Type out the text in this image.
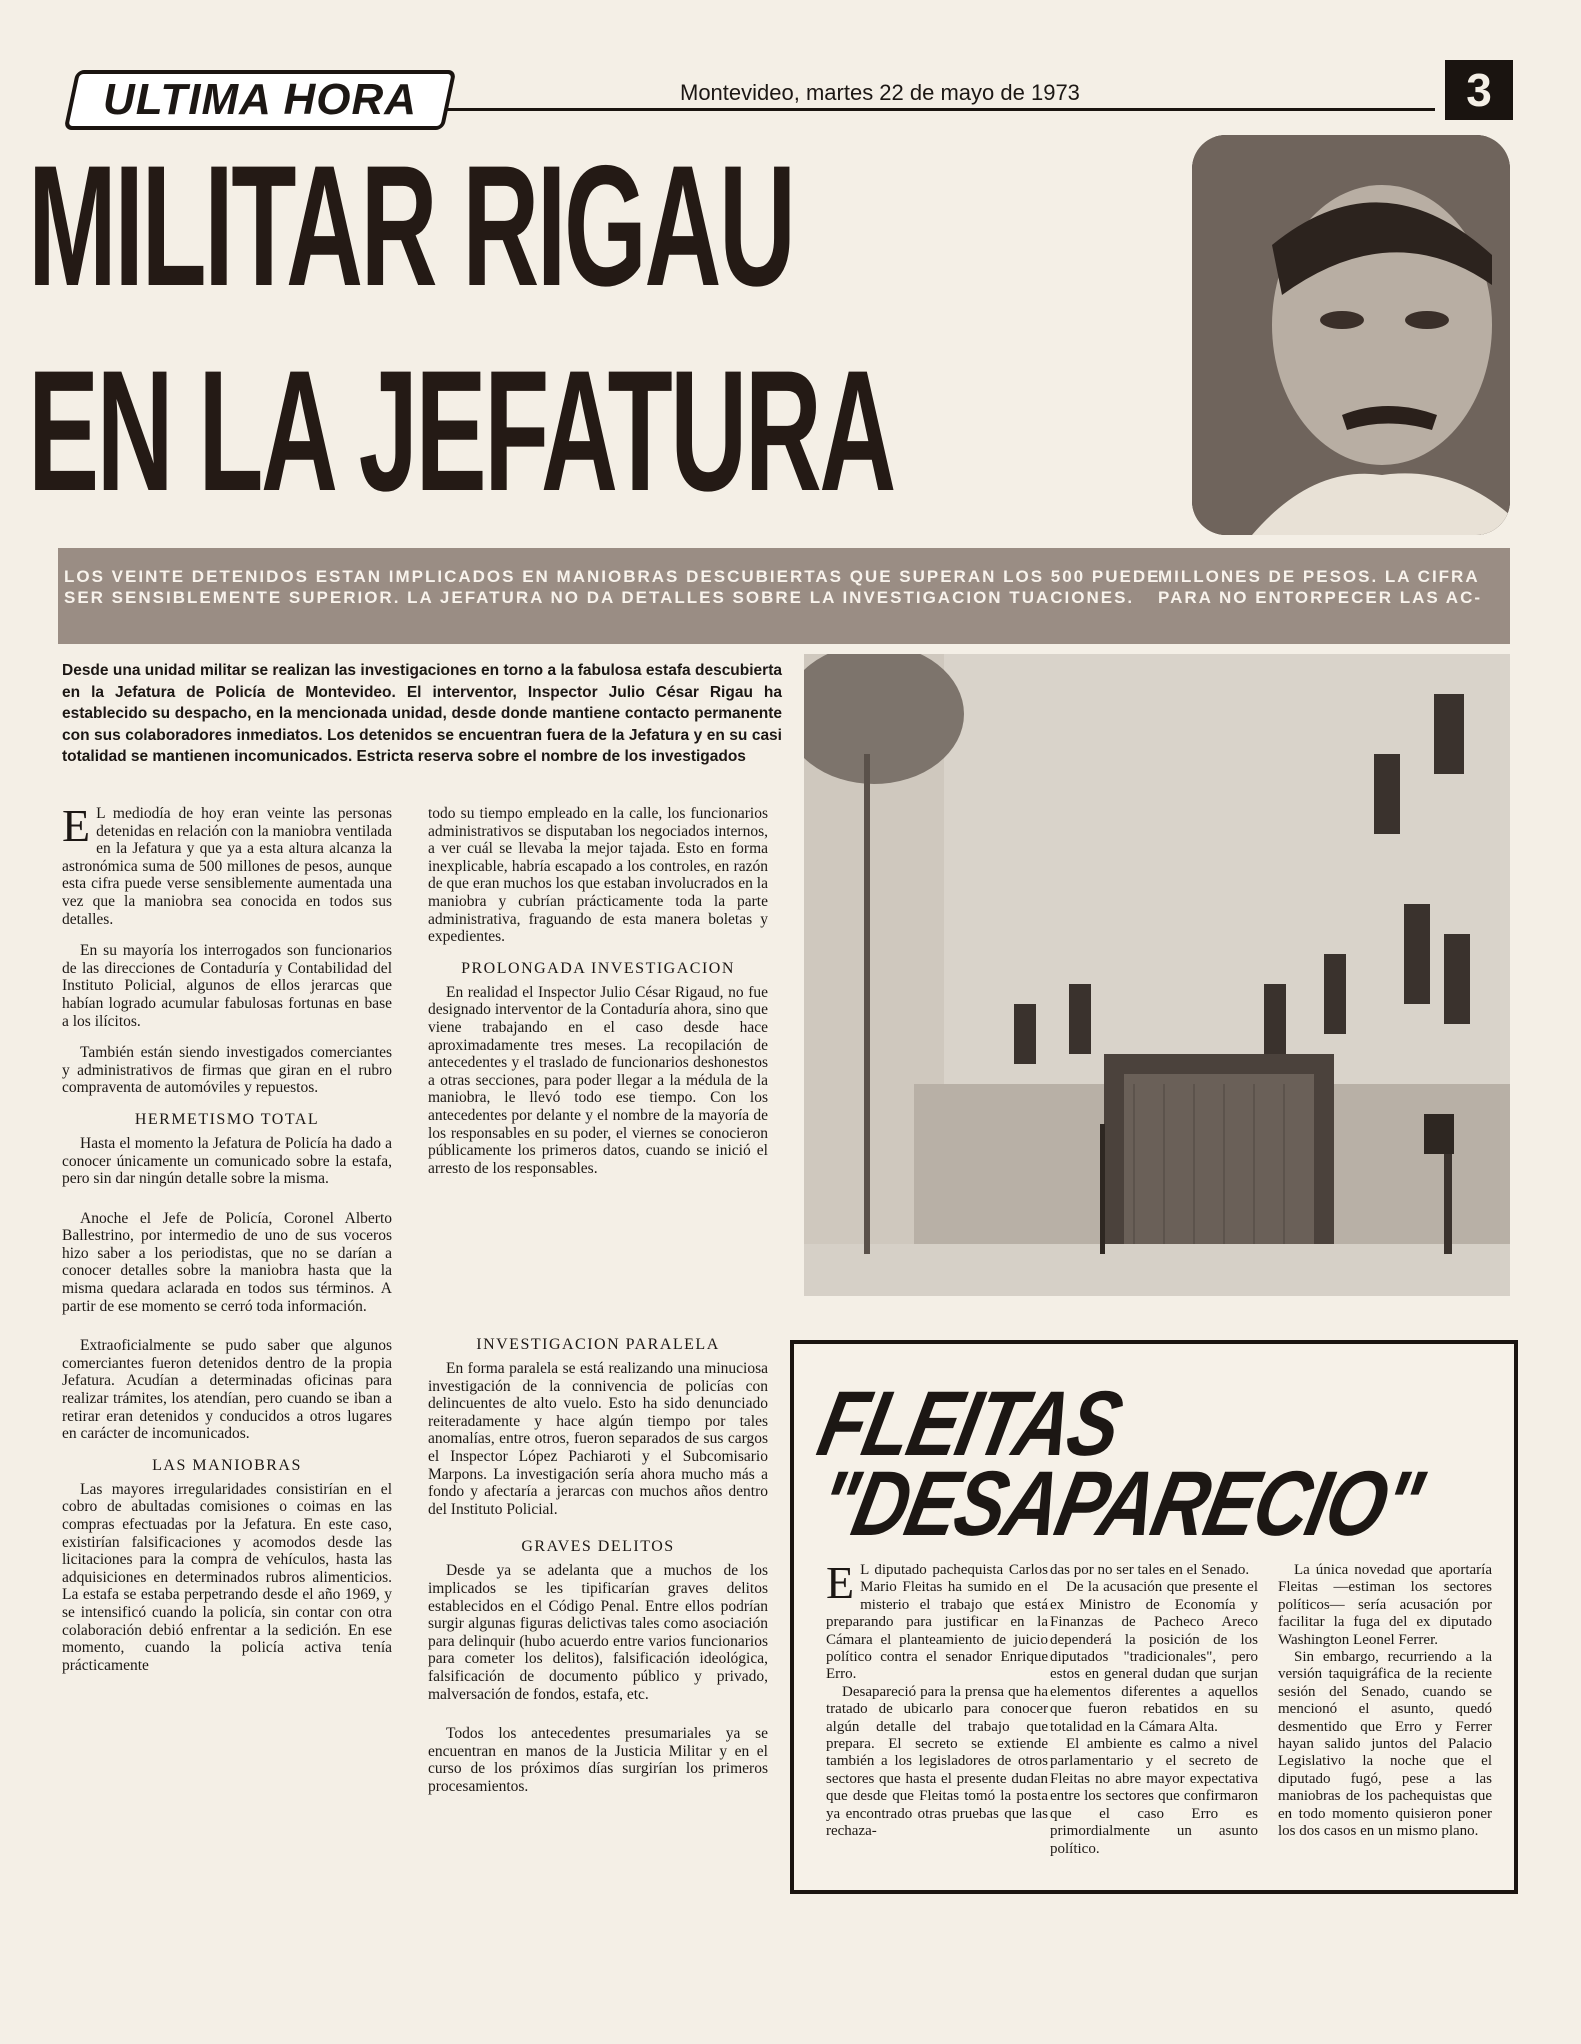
ULTIMA HORA	Montevideo, martes 22 de mayo de 1973	3
MILITAR RIGAU
EN LA JEFATURA

LOS VEINTE DETENIDOS ESTAN IMPLICADOS EN MANIOBRAS DESCUBIERTAS QUE SUPERAN LOS 500 PUEDE SER SENSIBLEMENTE SUPERIOR. LA JEFATURA NO DA DETALLES SOBRE LA INVESTIGACION TUACIONES.

MILLONES DE PESOS. LA CIFRA PARA NO ENTORPECER LAS AC-

Desde una unidad militar se realizan las investigaciones en torno a la fabulosa estafa descubierta en la Jefatura de Policía de Montevideo. El interventor, Inspector Julio César Rigau ha establecido su despacho, en la mencionada unidad, desde donde mantiene contacto permanente con sus colaboradores inmediatos. Los detenidos se encuentran fuera de la Jefatura y en su casi totalidad se mantienen incomunicados. Estricta reserva sobre el nombre de los investigados

E L mediodía de hoy eran veinte las personas detenidas en relación con la maniobra ventilada en la Jefatura y que ya a esta altura alcanza la astronómica suma de 500 millones de pesos, aunque esta cifra puede verse sensiblemente aumentada una vez que la maniobra sea conocida en todos sus detalles.

En su mayoría los interrogados son funcionarios de las direcciones de Contaduría y Contabilidad del Instituto Policial, algunos de ellos jerarcas que habían logrado acumular fabulosas fortunas en base a los ilícitos.

También están siendo investigados comerciantes y administrativos de firmas que giran en el rubro compraventa de automóviles y repuestos.

HERMETISMO TOTAL

Hasta el momento la Jefatura de Policía ha dado a conocer únicamente un comunicado sobre la estafa, pero sin dar ningún detalle sobre la misma.

Anoche el Jefe de Policía, Coronel Alberto Ballestrino, por intermedio de uno de sus voceros hizo saber a los periodistas, que no se darían a conocer detalles sobre la maniobra hasta que la misma quedara aclarada en todos sus términos. A partir de ese momento se cerró toda información.

Extraoficialmente se pudo saber que algunos comerciantes fueron detenidos dentro de la propia Jefatura. Acudían a determinadas oficinas para realizar trámites, los atendían, pero cuando se iban a retirar eran detenidos y conducidos a otros lugares en carácter de incomunicados.

LAS MANIOBRAS

Las mayores irregularidades consistirían en el cobro de abultadas comisiones o coimas en las compras efectuadas por la Jefatura. En este caso, existirían falsificaciones y acomodos desde las licitaciones para la compra de vehículos, hasta las adquisiciones en determinados rubros alimenticios. La estafa se estaba perpetrando desde el año 1969, y se intensificó cuando la policía, sin contar con otra colaboración debió enfrentar a la sedición. En ese momento, cuando la policía activa tenía prácticamente

todo su tiempo empleado en la calle, los funcionarios administrativos se disputaban los negociados internos, a ver cuál se llevaba la mejor tajada. Esto en forma inexplicable, habría escapado a los controles, en razón de que eran muchos los que estaban involucrados en la maniobra y cubrían prácticamente toda la parte administrativa, fraguando de esta manera boletas y expedientes.

PROLONGADA INVESTIGACION

En realidad el Inspector Julio César Rigaud, no fue designado interventor de la Contaduría ahora, sino que viene trabajando en el caso desde hace aproximadamente tres meses. La recopilación de antecedentes y el traslado de funcionarios deshonestos a otras secciones, para poder llegar a la médula de la maniobra, le llevó todo ese tiempo. Con los antecedentes por delante y el nombre de la mayoría de los responsables en su poder, el viernes se conocieron públicamente los primeros datos, cuando se inició el arresto de los responsables.

INVESTIGACION PARALELA

En forma paralela se está realizando una minuciosa investigación de la connivencia de policías con delincuentes de alto vuelo. Esto ha sido denunciado reiteradamente y hace algún tiempo por tales anomalías, entre otros, fueron separados de sus cargos el Inspector López Pachiaroti y el Subcomisario Marpons. La investigación sería ahora mucho más a fondo y afectaría a jerarcas con muchos años dentro del Instituto Policial.

GRAVES DELITOS

Desde ya se adelanta que a muchos de los implicados se les tipificarían graves delitos establecidos en el Código Penal. Entre ellos podrían surgir algunas figuras delictivas tales como asociación para delinquir (hubo acuerdo entre varios funcionarios para cometer los delitos), falsificación ideológica, falsificación de documento público y privado, malversación de fondos, estafa, etc.

Todos los antecedentes presumariales ya se encuentran en manos de la Justicia Militar y en el curso de los próximos días surgirían los primeros procesamientos.

FLEITAS
"DESAPARECIO"

E L diputado pachequista Carlos Mario Fleitas ha sumido en el misterio el trabajo que está preparando para justificar en la Cámara el planteamiento de juicio político contra el senador Enrique Erro.

Desapareció para la prensa que ha tratado de ubicarlo para conocer algún detalle del trabajo que prepara. El secreto se extiende también a los legisladores de otros sectores que hasta el presente dudan que desde que Fleitas tomó la posta ya encontrado otras pruebas que las rechaza-

das por no ser tales en el Senado.

De la acusación que presente el ex Ministro de Economía y Finanzas de Pacheco Areco dependerá la posición de los diputados "tradicionales", pero estos en general dudan que surjan elementos diferentes a aquellos que fueron rebatidos en su totalidad en la Cámara Alta.

El ambiente es calmo a nivel parlamentario y el secreto de Fleitas no abre mayor expectativa entre los sectores que confirmaron que el caso Erro es primordialmente un asunto político.

La única novedad que aportaría Fleitas —estiman los sectores políticos— sería acusación por facilitar la fuga del ex diputado Washington Leonel Ferrer.

Sin embargo, recurriendo a la versión taquigráfica de la reciente sesión del Senado, cuando se mencionó el asunto, quedó desmentido que Erro y Ferrer hayan salido juntos del Palacio Legislativo la noche que el diputado fugó, pese a las maniobras de los pachequistas que en todo momento quisieron poner los dos casos en un mismo plano.
